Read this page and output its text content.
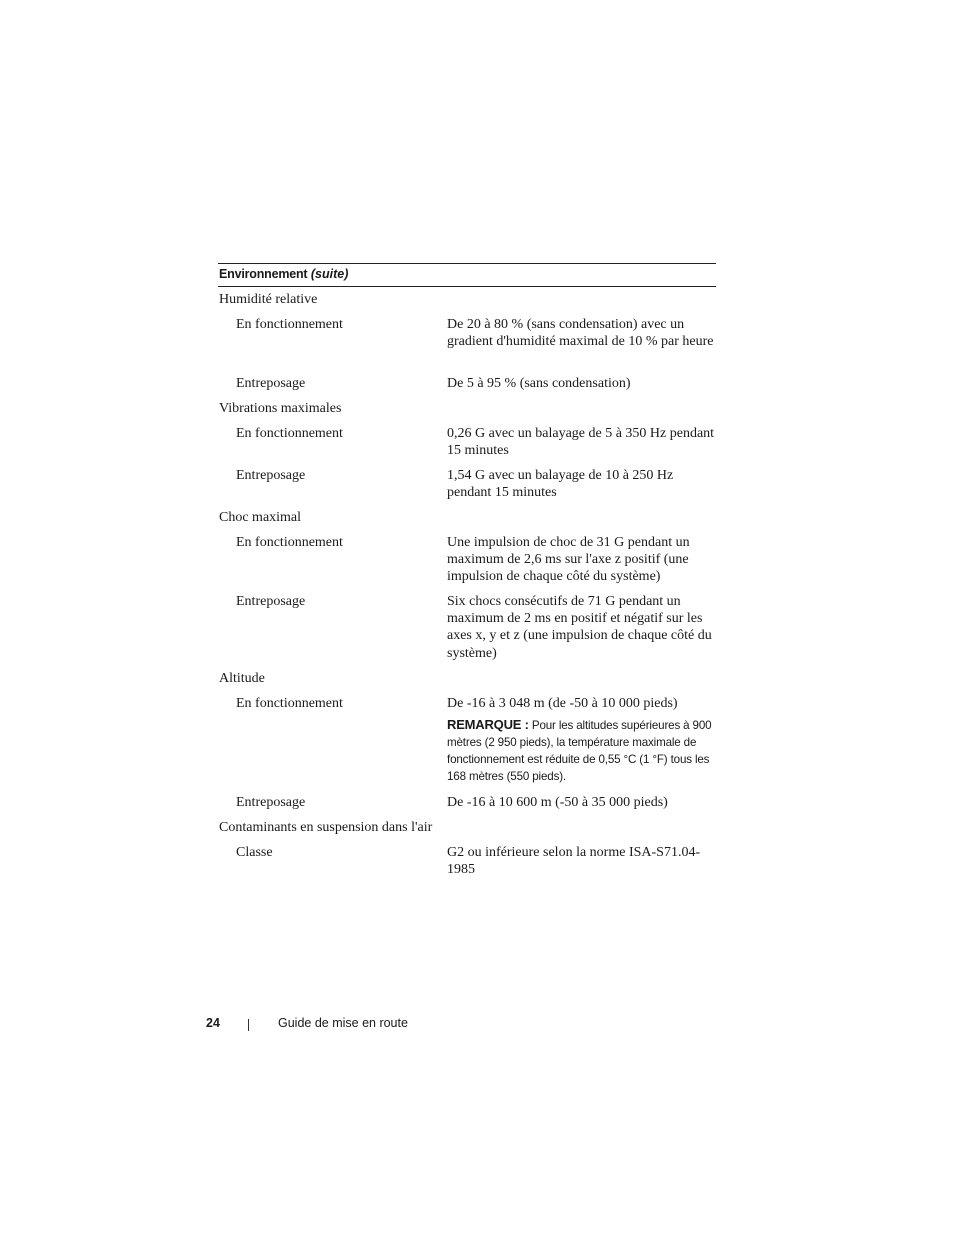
Environnement (suite)
Humidité relative
En fonctionnement	De 20 à 80 % (sans condensation) avec un gradient d'humidité maximal de 10 % par heure
Entreposage	De 5 à 95 % (sans condensation)
Vibrations maximales
En fonctionnement	0,26 G avec un balayage de 5 à 350 Hz pendant 15 minutes
Entreposage	1,54 G avec un balayage de 10 à 250 Hz pendant 15 minutes
Choc maximal
En fonctionnement	Une impulsion de choc de 31 G pendant un maximum de 2,6 ms sur l'axe z positif (une impulsion de chaque côté du système)
Entreposage	Six chocs consécutifs de 71 G pendant un maximum de 2 ms en positif et négatif sur les axes x, y et z (une impulsion de chaque côté du système)
Altitude
En fonctionnement	De -16 à 3 048 m (de -50 à 10 000 pieds)
REMARQUE : Pour les altitudes supérieures à 900 mètres (2 950 pieds), la température maximale de fonctionnement est réduite de 0,55 °C (1 °F) tous les 168 mètres (550 pieds).
Entreposage	De -16 à 10 600 m (-50 à 35 000 pieds)
Contaminants en suspension dans l'air
Classe	G2 ou inférieure selon la norme ISA-S71.04-1985
24	Guide de mise en route
